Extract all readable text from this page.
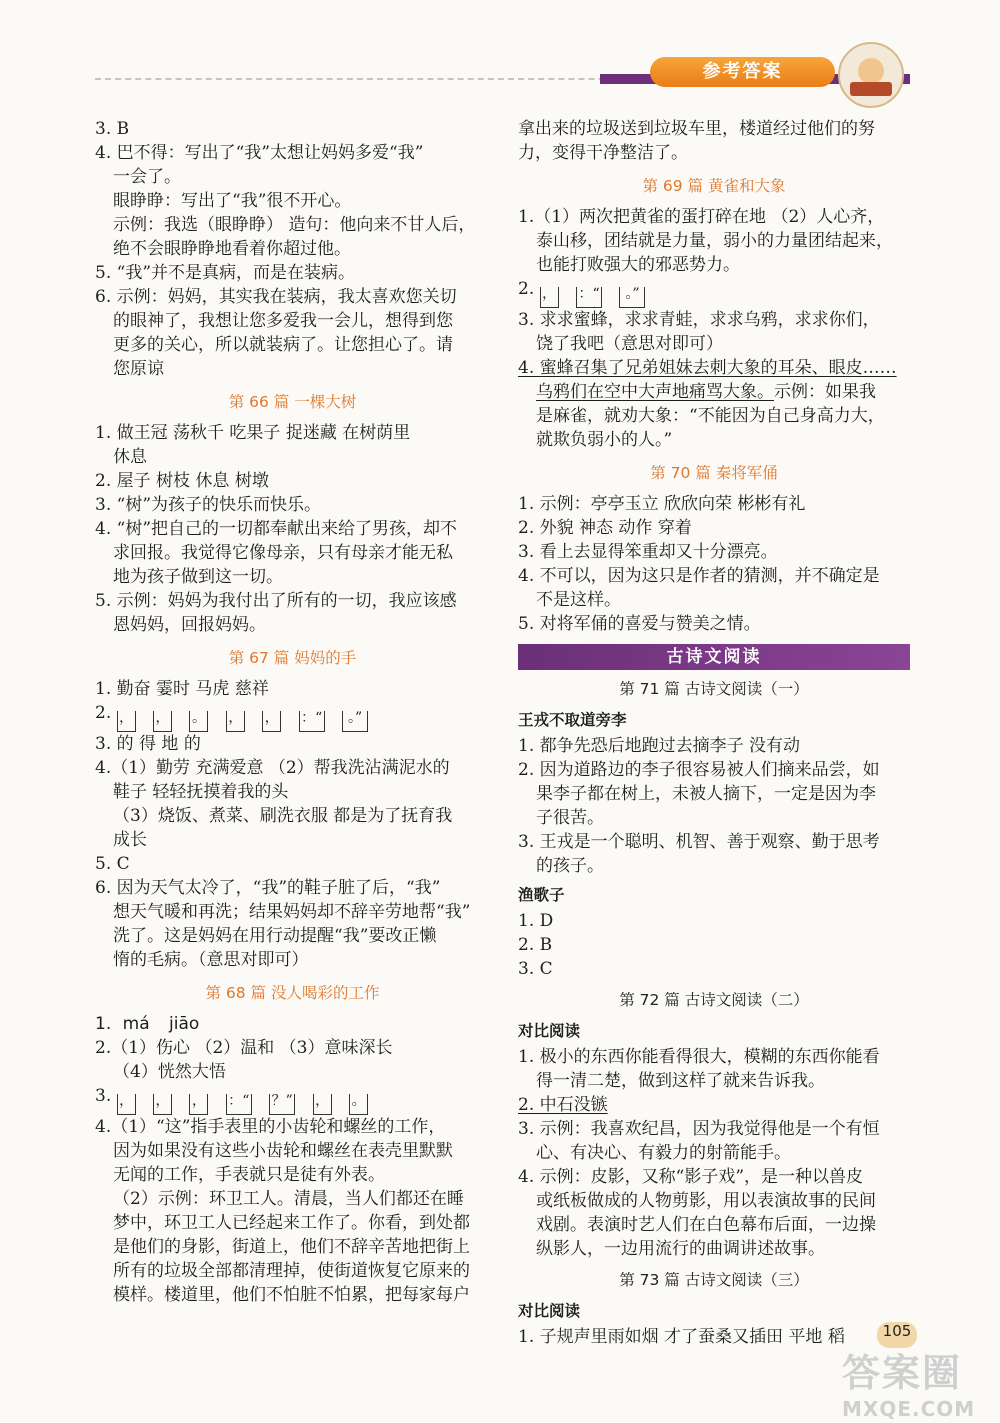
参考答案
3. B
4. 巴不得：写出了“我”太想让妈妈多爱“我”
一会了。
眼睁睁：写出了“我”很不开心。
示例：我选（眼睁睁） 造句：他向来不甘人后，
绝不会眼睁睁地看着你超过他。
5. “我”并不是真病，而是在装病。
6. 示例：妈妈，其实我在装病，我太喜欢您关切
的眼神了，我想让您多爱我一会儿，想得到您
更多的关心，所以就装病了。让您担心了。请
您原谅
第 66 篇 一棵大树
1. 做王冠 荡秋千 吃果子 捉迷藏 在树荫里
休息
2. 屋子 树枝 休息 树墩
3. “树”为孩子的快乐而快乐。
4. “树”把自己的一切都奉献出来给了男孩，却不
求回报。我觉得它像母亲，只有母亲才能无私
地为孩子做到这一切。
5. 示例：妈妈为我付出了所有的一切，我应该感
恩妈妈，回报妈妈。
第 67 篇 妈妈的手
1. 勤奋 霎时 马虎 慈祥
2. ， ， 。 ， ， ：“ 。”
3. 的 得 地 的
4.（1）勤劳 充满爱意 （2）帮我洗沾满泥水的
鞋子 轻轻抚摸着我的头
（3）烧饭、煮菜、刷洗衣服 都是为了抚育我
成长
5. C
6. 因为天气太冷了，“我”的鞋子脏了后，“我”
想天气暖和再洗；结果妈妈却不辞辛劳地帮“我”
洗了。这是妈妈在用行动提醒“我”要改正懒
惰的毛病。（意思对即可）
第 68 篇 没人喝彩的工作
1. má jiāo
2.（1）伤心 （2）温和 （3）意味深长
（4）恍然大悟
3. ， ， ， ：“ ？” ， 。
4.（1）“这”指手表里的小齿轮和螺丝的工作，
因为如果没有这些小齿轮和螺丝在表壳里默默
无闻的工作，手表就只是徒有外表。
（2）示例：环卫工人。清晨，当人们都还在睡
梦中，环卫工人已经起来工作了。你看，到处都
是他们的身影，街道上，他们不辞辛苦地把街上
所有的垃圾全部都清理掉，使街道恢复它原来的
模样。楼道里，他们不怕脏不怕累，把每家每户
拿出来的垃圾送到垃圾车里，楼道经过他们的努
力，变得干净整洁了。
第 69 篇 黄雀和大象
1.（1）两次把黄雀的蛋打碎在地 （2）人心齐，
泰山移，团结就是力量，弱小的力量团结起来，
也能打败强大的邪恶势力。
2. ， ：“ 。”
3. 求求蜜蜂，求求青蛙，求求乌鸦，求求你们，
饶了我吧（意思对即可）
4. 蜜蜂召集了兄弟姐妹去刺大象的耳朵、眼皮……
乌鸦们在空中大声地痛骂大象。示例：如果我
是麻雀，就劝大象：“不能因为自己身高力大，
就欺负弱小的人。”
第 70 篇 秦将军俑
1. 示例：亭亭玉立 欣欣向荣 彬彬有礼
2. 外貌 神态 动作 穿着
3. 看上去显得笨重却又十分漂亮。
4. 不可以，因为这只是作者的猜测，并不确定是
不是这样。
5. 对将军俑的喜爱与赞美之情。
古诗文阅读
第 71 篇 古诗文阅读（一）
王戎不取道旁李
1. 都争先恐后地跑过去摘李子 没有动
2. 因为道路边的李子很容易被人们摘来品尝，如
果李子都在树上，未被人摘下，一定是因为李
子很苦。
3. 王戎是一个聪明、机智、善于观察、勤于思考
的孩子。
渔歌子
1. D
2. B
3. C
第 72 篇 古诗文阅读（二）
对比阅读
1. 极小的东西你能看得很大，模糊的东西你能看
得一清二楚，做到这样了就来告诉我。
2. 中石没镞
3. 示例：我喜欢纪昌，因为我觉得他是一个有恒
心、有决心、有毅力的射箭能手。
4. 示例：皮影，又称“影子戏”，是一种以兽皮
或纸板做成的人物剪影，用以表演故事的民间
戏剧。表演时艺人们在白色幕布后面，一边操
纵影人，一边用流行的曲调讲述故事。
第 73 篇 古诗文阅读（三）
对比阅读
1. 子规声里雨如烟 才了蚕桑又插田 平地 稻	105
答案圈
MXQE.COM
